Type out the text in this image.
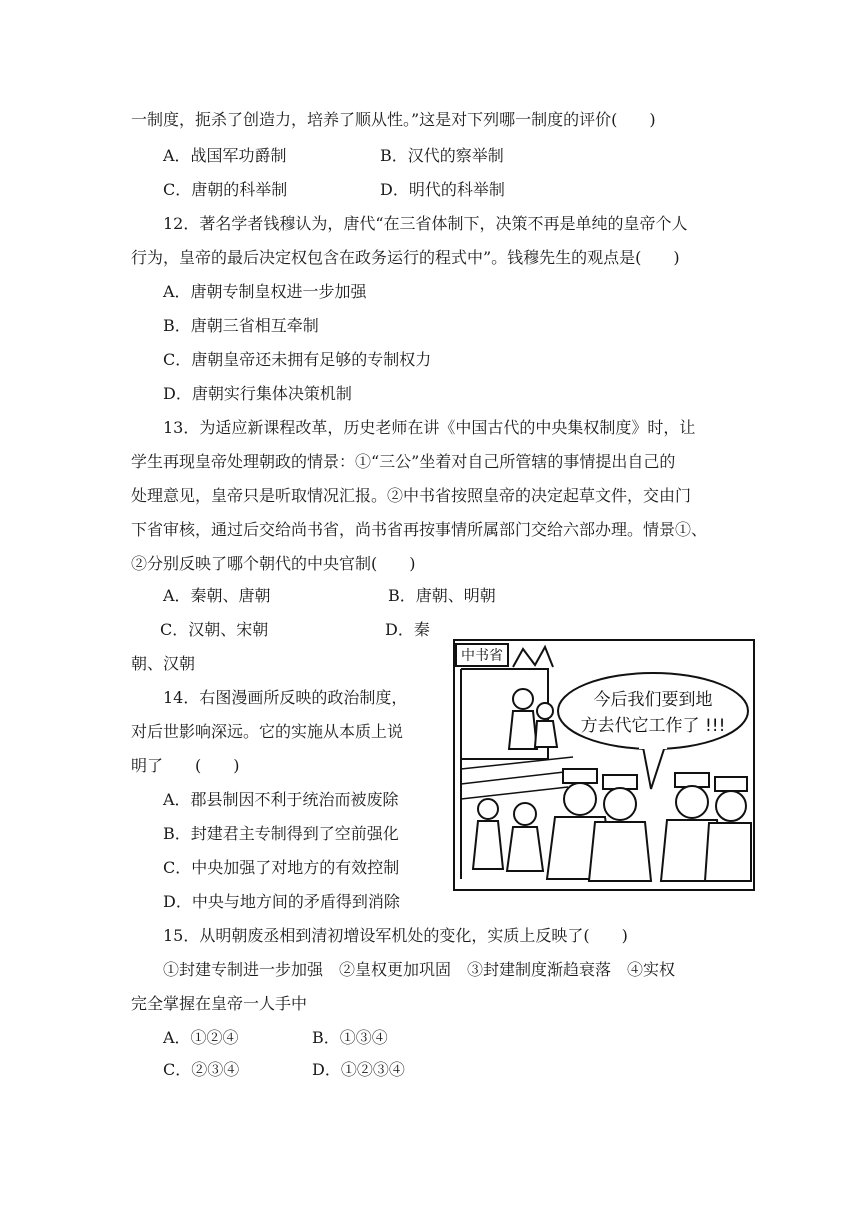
一制度，扼杀了创造力，培养了顺从性。”这是对下列哪一制度的评价(　　)
A．战国军功爵制	B．汉代的察举制
C．唐朝的科举制	D．明代的科举制
12．著名学者钱穆认为，唐代“在三省体制下，决策不再是单纯的皇帝个人
行为，皇帝的最后决定权包含在政务运行的程式中”。钱穆先生的观点是(　　)
A．唐朝专制皇权进一步加强
B．唐朝三省相互牵制
C．唐朝皇帝还未拥有足够的专制权力
D．唐朝实行集体决策机制
13．为适应新课程改革，历史老师在讲《中国古代的中央集权制度》时，让
学生再现皇帝处理朝政的情景：①“三公”坐着对自己所管辖的事情提出自己的
处理意见，皇帝只是听取情况汇报。②中书省按照皇帝的决定起草文件，交由门
下省审核，通过后交给尚书省，尚书省再按事情所属部门交给六部办理。情景①、
②分别反映了哪个朝代的中央官制(　　)
A．秦朝、唐朝	B．唐朝、明朝
C．汉朝、宋朝	D．秦
朝、汉朝
14．右图漫画所反映的政治制度，
对后世影响深远。它的实施从本质上说
明了　　(　　)
A．郡县制因不利于统治而被废除
B．封建君主专制得到了空前强化
C．中央加强了对地方的有效控制
D．中央与地方间的矛盾得到消除
中书省
今后我们要到地
方去代它工作了 !!!
15．从明朝废丞相到清初增设军机处的变化，实质上反映了(　　)
①封建专制进一步加强　②皇权更加巩固　③封建制度渐趋衰落　④实权
完全掌握在皇帝一人手中
A．①②④	B．①③④
C．②③④	D．①②③④
